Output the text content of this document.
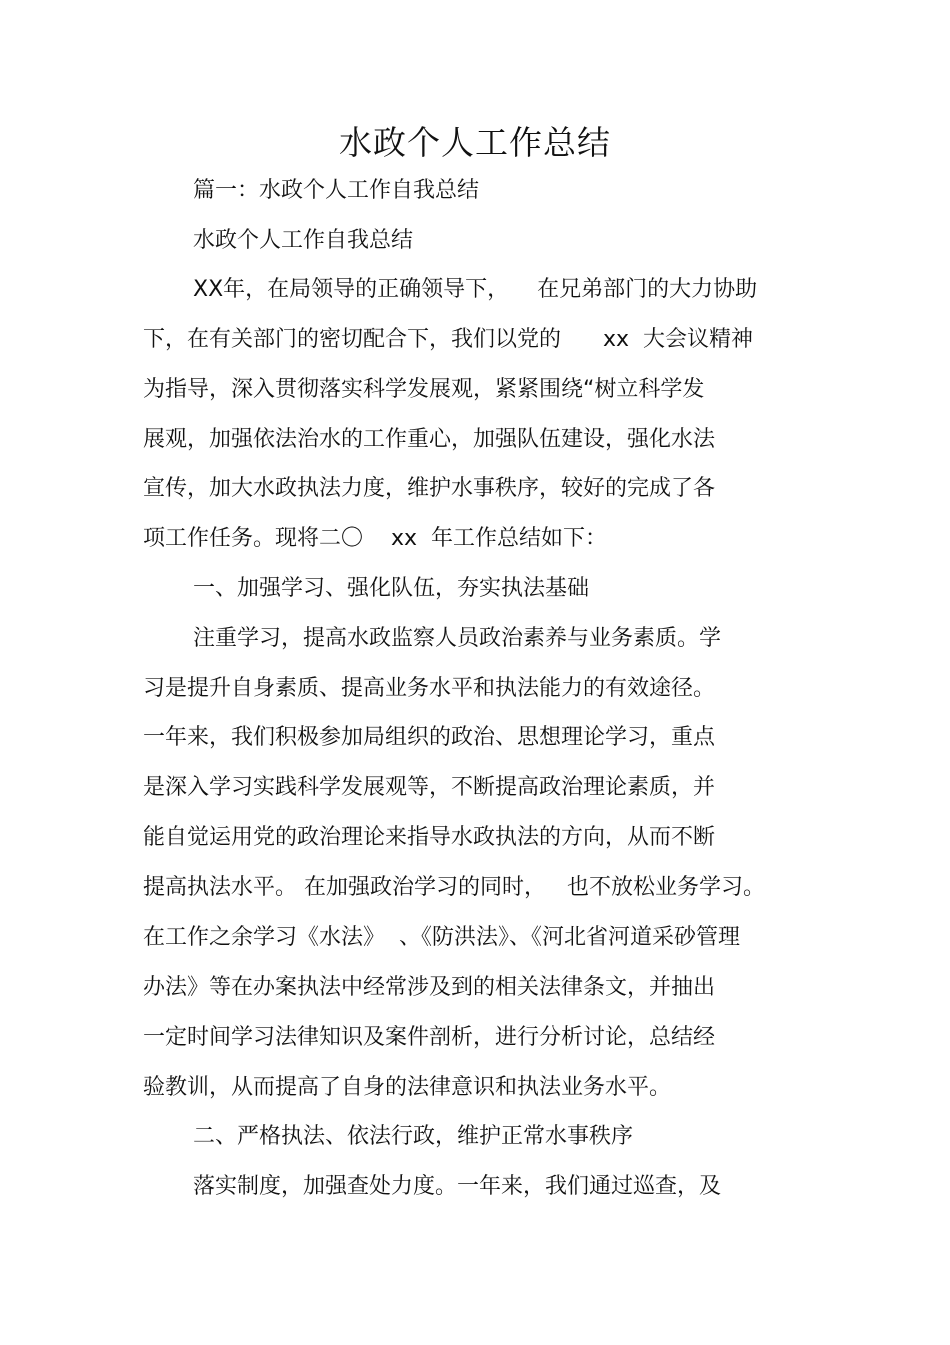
水政个人工作总结
篇一：水政个人工作自我总结
水政个人工作自我总结
XX年，在局领导的正确领导下，    在兄弟部门的大力协助
下，在有关部门的密切配合下，我们以党的      xx  大会议精神
为指导，深入贯彻落实科学发展观，紧紧围绕“树立科学发
展观，加强依法治水的工作重心，加强队伍建设，强化水法
宣传，加大水政执法力度，维护水事秩序，较好的完成了各
项工作任务。现将二〇    xx  年工作总结如下：
一、加强学习、强化队伍，夯实执法基础
注重学习，提高水政监察人员政治素养与业务素质。学
习是提升自身素质、提高业务水平和执法能力的有效途径。
一年来，我们积极参加局组织的政治、思想理论学习，重点
是深入学习实践科学发展观等，不断提高政治理论素质，并
能自觉运用党的政治理论来指导水政执法的方向，从而不断
提高执法水平。 在加强政治学习的同时，   也不放松业务学习。
在工作之余学习《水法》  、《防洪法》、《河北省河道采砂管理
办法》等在办案执法中经常涉及到的相关法律条文，并抽出
一定时间学习法律知识及案件剖析，进行分析讨论，总结经
验教训，从而提高了自身的法律意识和执法业务水平。
二、严格执法、依法行政，维护正常水事秩序
落实制度，加强查处力度。一年来，我们通过巡查，及
